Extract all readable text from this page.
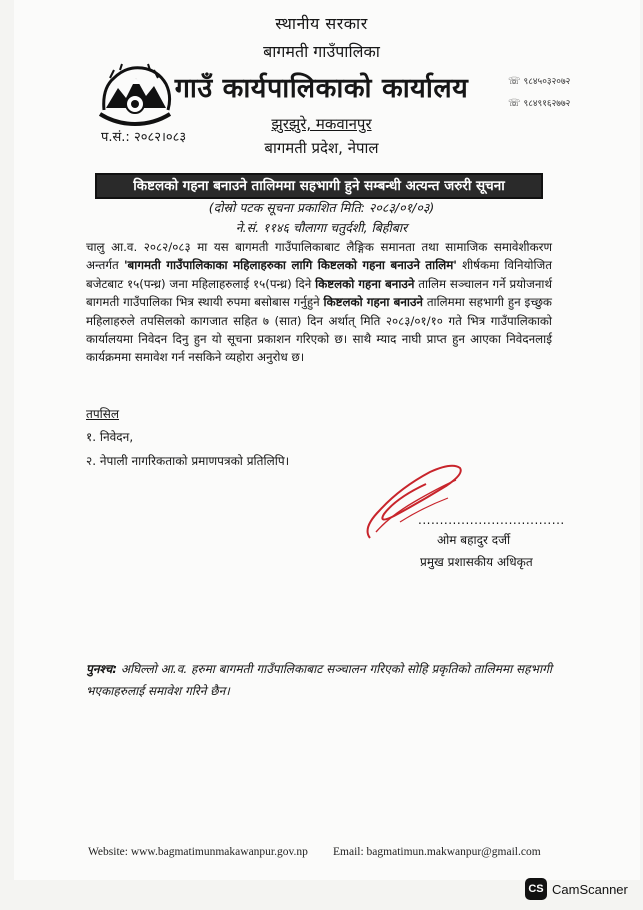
स्थानीय सरकार
बागमती गाउँपालिका
गाउँ कार्यपालिकाको कार्यालय
झुरझुरे, मकवानपुर
बागमती प्रदेश, नेपाल
प.सं.: २०८२।०८३
☏ ९८४५०३२०७२
☏ ९८४९१६२७७२
किष्टलको गहना बनाउने तालिममा सहभागी हुने सम्बन्धी अत्यन्त जरुरी सूचना
(दोस्रो पटक सूचना प्रकाशित मिति: २०८३/०१/०३)
ने.सं. ११४६ चौलागा चतुर्दशी, बिहीबार
चालु आ.व. २०८२/०८३ मा यस बागमती गाउँपालिकाबाट लैङ्गिक समानता तथा सामाजिक समावेशीकरण अन्तर्गत 'बागमती गाउँपालिकाका महिलाहरुका लागि किष्टलको गहना बनाउने तालिम' शीर्षकमा विनियोजित बजेटबाट १५(पन्ध्र) जना महिलाहरुलाई १५(पन्ध्र) दिने किष्टलको गहना बनाउने तालिम सञ्चालन गर्ने प्रयोजनार्थ बागमती गाउँपालिका भित्र स्थायी रुपमा बसोबास गर्नुहुने किष्टलको गहना बनाउने तालिममा सहभागी हुन इच्छुक महिलाहरुले तपसिलको कागजात सहित ७ (सात) दिन अर्थात् मिति २०८३/०१/१० गते भित्र गाउँपालिकाको कार्यालयमा निवेदन दिनु हुन यो सूचना प्रकाशन गरिएको छ। साथै म्याद नाघी प्राप्त हुन आएका निवेदनलाई कार्यक्रममा समावेश गर्न नसकिने व्यहोरा अनुरोध छ।
तपसिल
१. निवेदन,
२. नेपाली नागरिकताको प्रमाणपत्रको प्रतिलिपि।
..................................
ओम बहादुर दर्जी
प्रमुख प्रशासकीय अधिकृत
पुनश्च: अघिल्लो आ.व. हरुमा बागमती गाउँपालिकाबाट सञ्चालन गरिएको सोहि प्रकृतिको तालिममा सहभागी भएकाहरुलाई समावेश गरिने छैन।
Website: www.bagmatimunmakawanpur.gov.np Email: bagmatimun.makwanpur@gmail.com
CS CamScanner
